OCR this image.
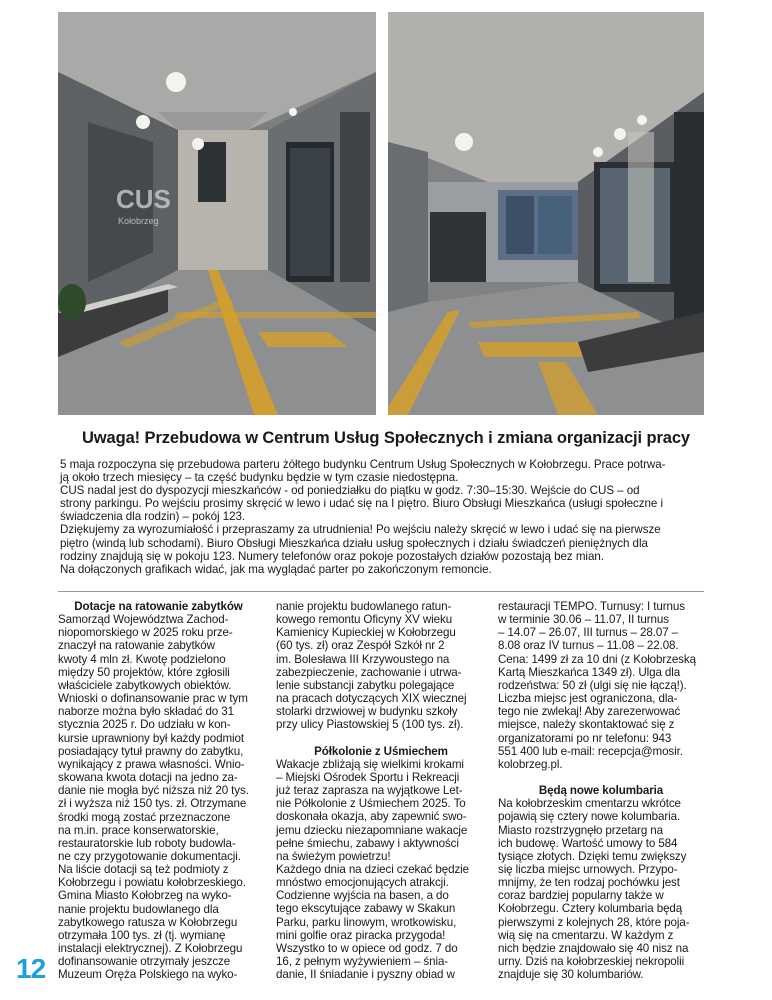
CUS
Kołobrzeg
Uwaga! Przebudowa w Centrum Usług Społecznych i zmiana organizacji pracy

5 maja rozpoczyna się przebudowa parteru żółtego budynku Centrum Usług Społecznych w Kołobrzegu. Prace potrwa-

ją około trzech miesięcy – ta część budynku będzie w tym czasie niedostępna.

CUS nadal jest do dyspozycji mieszkańców - od poniedziałku do piątku w godz. 7:30–15:30. Wejście do CUS – od

strony parkingu. Po wejściu prosimy skręcić w lewo i udać się na I piętro. Biuro Obsługi Mieszkańca (usługi społeczne i

świadczenia dla rodzin) – pokój 123.

Dziękujemy za wyrozumiałość i przepraszamy za utrudnienia! Po wejściu należy skręcić w lewo i udać się na pierwsze

piętro (windą lub schodami). Biuro Obsługi Mieszkańca działu usług społecznych i działu świadczeń pieniężnych dla

rodziny znajdują się w pokoju 123. Numery telefonów oraz pokoje pozostałych działów pozostają bez mian.

Na dołączonych grafikach widać, jak ma wyglądać parter po zakończonym remoncie.

Dotacje na ratowanie zabytków

Samorząd Województwa Zachod-

niopomorskiego w 2025 roku prze-

znaczył na ratowanie zabytków

kwoty 4 mln zł. Kwotę podzielono

między 50 projektów, które zgłosili

właściciele zabytkowych obiektów.

Wnioski o dofinansowanie prac w tym

naborze można było składać do 31

stycznia 2025 r. Do udziału w kon-

kursie uprawniony był każdy podmiot

posiadający tytuł prawny do zabytku,

wynikający z prawa własności. Wnio-

skowana kwota dotacji na jedno za-

danie nie mogła być niższa niż 20 tys.

zł i wyższa niż 150 tys. zł. Otrzymane

środki mogą zostać przeznaczone

na m.in. prace konserwatorskie,

restauratorskie lub roboty budowla-

ne czy przygotowanie dokumentacji.

Na liście dotacji są też podmioty z

Kołobrzegu i powiatu kołobrzeskiego.

Gmina Miasto Kołobrzeg na wyko-

nanie projektu budowlanego dla

zabytkowego ratusza w Kołobrzegu

otrzymała 100 tys. zł (tj. wymianę

instalacji elektrycznej). Z Kołobrzegu

dofinansowanie otrzymały jeszcze

Muzeum Oręża Polskiego na wyko-

nanie projektu budowlanego ratun-

kowego remontu Oficyny XV wieku

Kamienicy Kupieckiej w Kołobrzegu

(60 tys. zł) oraz Zespół Szkół nr 2

im. Bolesława III Krzywoustego na

zabezpieczenie, zachowanie i utrwa-

lenie substancji zabytku polegające

na pracach dotyczących XIX wiecznej

stolarki drzwiowej w budynku szkoły

przy ulicy Piastowskiej 5 (100 tys. zł).

Półkolonie z Uśmiechem

Wakacje zbliżają się wielkimi krokami

– Miejski Ośrodek Sportu i Rekreacji

już teraz zaprasza na wyjątkowe Let-

nie Półkolonie z Uśmiechem 2025. To

doskonała okazja, aby zapewnić swo-

jemu dziecku niezapomniane wakacje

pełne śmiechu, zabawy i aktywności

na świeżym powietrzu!

Każdego dnia na dzieci czekać będzie

mnóstwo emocjonujących atrakcji.

Codzienne wyjścia na basen, a do

tego ekscytujące zabawy w Skakun

Parku, parku linowym, wrotkowisku,

mini golfie oraz piracka przygoda!

Wszystko to w opiece od godz. 7 do

16, z pełnym wyżywieniem – śnia-

danie, II śniadanie i pyszny obiad w

restauracji TEMPO. Turnusy: I turnus

w terminie 30.06 – 11.07, II turnus

– 14.07 – 26.07, III turnus – 28.07 –

8.08 oraz IV turnus – 11.08 – 22.08.

Cena: 1499 zł za 10 dni (z Kołobrzeską

Kartą Mieszkańca 1349 zł). Ulga dla

rodzeństwa: 50 zł (ulgi się nie łączą!).

Liczba miejsc jest ograniczona, dla-

tego nie zwlekaj! Aby zarezerwować

miejsce, należy skontaktować się z

organizatorami po nr telefonu: 943

551 400 lub e-mail: recepcja@mosir.

kolobrzeg.pl.

Będą nowe kolumbaria

Na kołobrzeskim cmentarzu wkrótce

pojawią się cztery nowe kolumbaria.

Miasto rozstrzygnęło przetarg na

ich budowę. Wartość umowy to 584

tysiące złotych. Dzięki temu zwiększy

się liczba miejsc urnowych. Przypo-

mnijmy, że ten rodzaj pochówku jest

coraz bardziej popularny także w

Kołobrzegu. Cztery kolumbaria będą

pierwszymi z kolejnych 28, które poja-

wią się na cmentarzu. W każdym z

nich będzie znajdowało się 40 nisz na

urny. Dziś na kołobrzeskiej nekropolii

znajduje się 30 kolumbariów.

12
